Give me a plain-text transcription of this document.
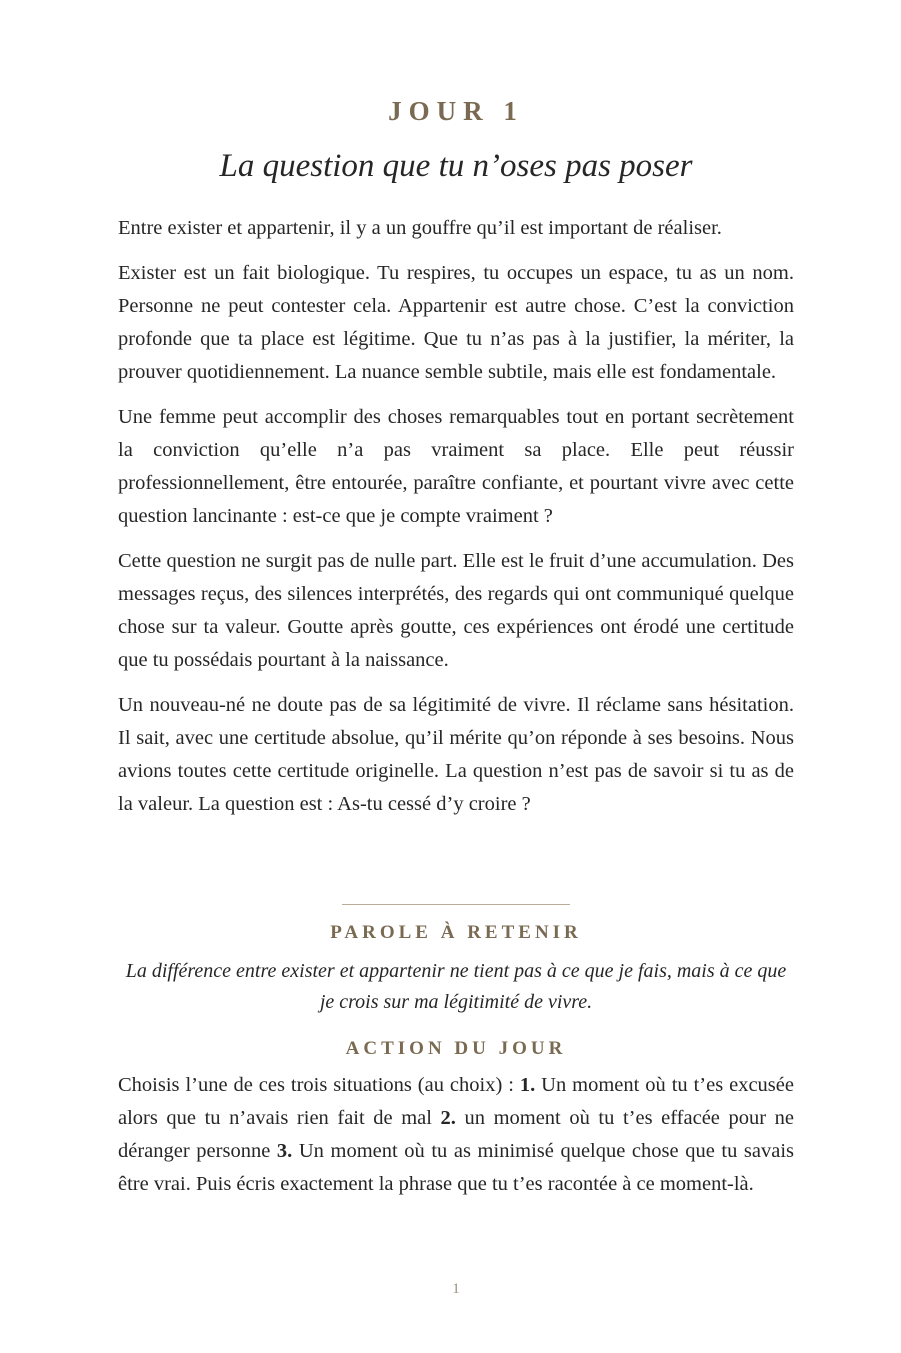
JOUR 1
La question que tu n’oses pas poser

Entre exister et appartenir, il y a un gouffre qu’il est important de réaliser.

Exister est un fait biologique. Tu respires, tu occupes un espace, tu as un nom. Personne ne peut contester cela. Appartenir est autre chose. C’est la conviction profonde que ta place est légitime. Que tu n’as pas à la justifier, la mériter, la prouver quotidiennement. La nuance semble subtile, mais elle est fondamentale.

Une femme peut accomplir des choses remarquables tout en portant secrètement la conviction qu’elle n’a pas vraiment sa place. Elle peut réussir professionnellement, être entourée, paraître confiante, et pourtant vivre avec cette question lancinante : est-ce que je compte vraiment ?

Cette question ne surgit pas de nulle part. Elle est le fruit d’une accumulation. Des messages reçus, des silences interprétés, des regards qui ont communiqué quelque chose sur ta valeur. Goutte après goutte, ces expériences ont érodé une certitude que tu possédais pourtant à la naissance.

Un nouveau-né ne doute pas de sa légitimité de vivre. Il réclame sans hésitation. Il sait, avec une certitude absolue, qu’il mérite qu’on réponde à ses besoins. Nous avions toutes cette certitude originelle. La question n’est pas de savoir si tu as de la valeur. La question est : As-tu cessé d’y croire ?

PAROLE À RETENIR
La différence entre exister et appartenir ne tient pas à ce que je fais, mais à ce que je crois sur ma légitimité de vivre.
ACTION DU JOUR

Choisis l’une de ces trois situations (au choix) : 1. Un moment où tu t’es excusée alors que tu n’avais rien fait de mal 2. un moment où tu t’es effacée pour ne déranger personne 3. Un moment où tu as minimisé quelque chose que tu savais être vrai. Puis écris exactement la phrase que tu t’es racontée à ce moment-là.

1
